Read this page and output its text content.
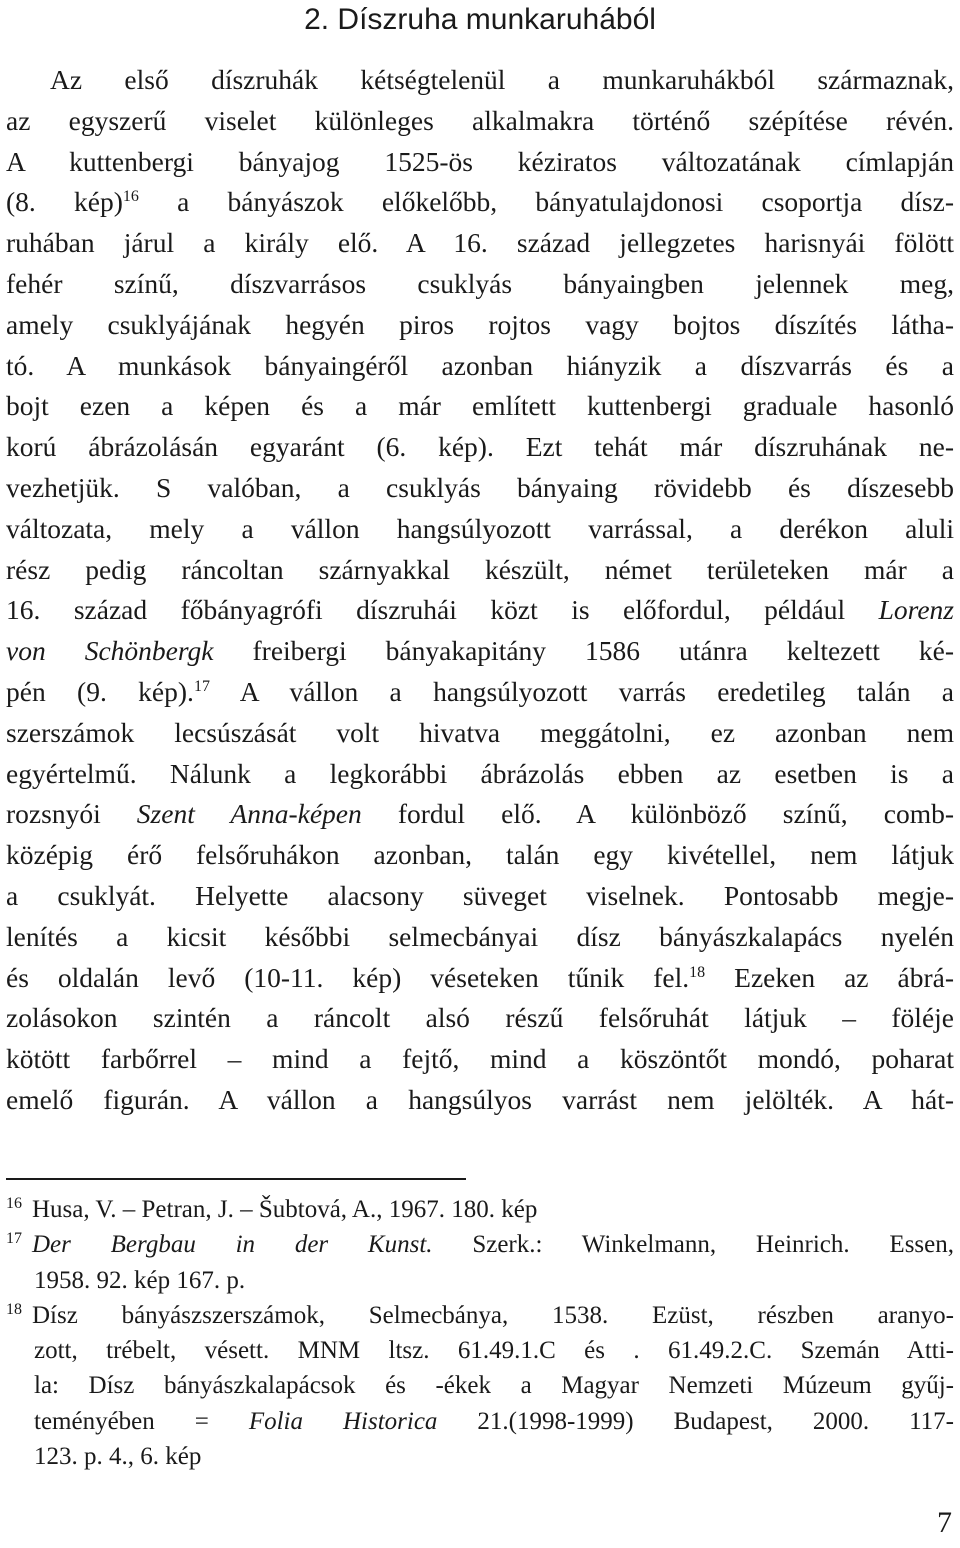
2. Díszruha munkaruhából
Az első díszruhák kétségtelenül a munkaruhákból származnak,
az egyszerű viselet különleges alkalmakra történő szépítése révén.
A kuttenbergi bányajog 1525-ös kéziratos változatának címlapján
(8. kép)$^{16}$ a bányászok előkelőbb, bányatulajdonosi csoportja dísz-
ruhában járul a király elő. A 16. század jellegzetes harisnyái fölött
fehér színű, díszvarrásos csuklyás bányaingben jelennek meg,
amely csuklyájának hegyén piros rojtos vagy bojtos díszítés látha-
tó. A munkások bányaingéről azonban hiányzik a díszvarrás és a
bojt ezen a képen és a már említett kuttenbergi graduale hasonló
korú ábrázolásán egyaránt (6. kép). Ezt tehát már díszruhának ne-
vezhetjük. S valóban, a csuklyás bányaing rövidebb és díszesebb
változata, mely a vállon hangsúlyozott varrással, a derékon aluli
rész pedig ráncoltan szárnyakkal készült, német területeken már a
16. század főbányagrófi díszruhái közt is előfordul, például Lorenz
von Schönbergk freibergi bányakapitány 1586 utánra keltezett ké-
pén (9. kép).$^{17}$ A vállon a hangsúlyozott varrás eredetileg talán a
szerszámok lecsúszását volt hivatva meggátolni, ez azonban nem
egyértelmű. Nálunk a legkorábbi ábrázolás ebben az esetben is a
rozsnyói Szent Anna-képen fordul elő. A különböző színű, comb-
középig érő felsőruhákon azonban, talán egy kivétellel, nem látjuk
a csuklyát. Helyette alacsony süveget viselnek. Pontosabb megje-
lenítés a kicsit későbbi selmecbányai dísz bányászkalapács nyelén
és oldalán levő (10-11. kép) véseteken tűnik fel.$^{18}$ Ezeken az ábrá-
zolásokon szintén a ráncolt alsó részű felsőruhát látjuk – föléje
kötött farbőrrel – mind a fejtő, mind a köszöntőt mondó, poharat
emelő figurán. A vállon a hangsúlyos varrást nem jelölték. A hát-
$^{16}$ Husa, V. – Petran, J. – Šubtová, A., 1967. 180. kép
$^{17}$ Der Bergbau in der Kunst. Szerk.: Winkelmann, Heinrich. Essen,
1958. 92. kép 167. p.
$^{18}$ Dísz bányászszerszámok, Selmecbánya, 1538. Ezüst, részben aranyo-
zott, trébelt, vésett. MNM ltsz. 61.49.1.C és . 61.49.2.C. Szemán Atti-
la: Dísz bányászkalapácsok és -ékek a Magyar Nemzeti Múzeum gyűj-
teményében = Folia Historica 21.(1998-1999) Budapest, 2000. 117-
123. p. 4., 6. kép
7
